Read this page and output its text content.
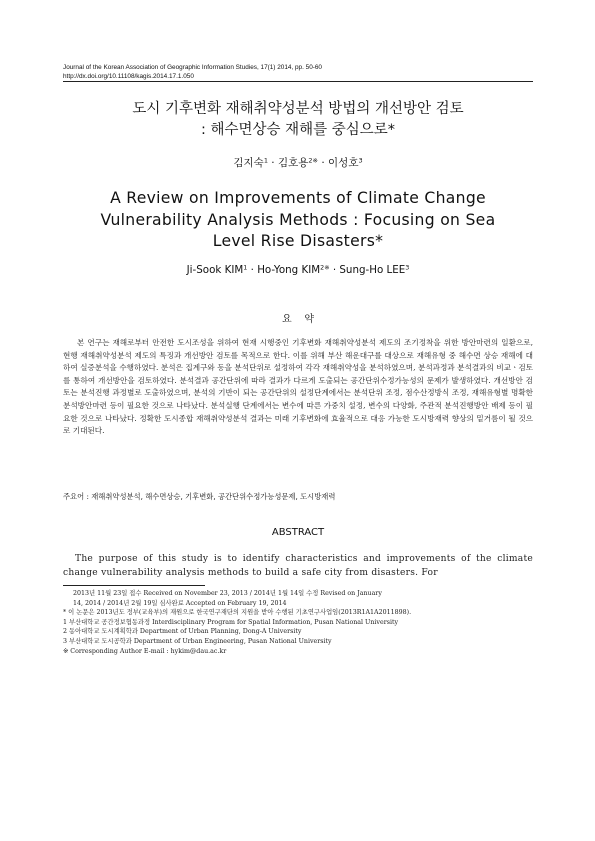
Journal of the Korean Association of Geographic Information Studies, 17(1) 2014, pp. 50-60
http://dx.doi.org/10.11108/kagis.2014.17.1.050
도시 기후변화 재해취약성분석 방법의 개선방안 검토
: 해수면상승 재해를 중심으로*
김지숙$^1$ · 김호용$^{2※}$ · 이성호$^3$
A Review on Improvements of Climate Change
Vulnerability Analysis Methods : Focusing on Sea
Level Rise Disasters*
Ji-Sook $KIM^1$ · Ho-Yong $KIM^{2※}$ · Sung-Ho LEE$^3$
요    약

본 연구는 재해로부터 안전한 도시조성을 위하여 현재 시행중인 기후변화 재해취약성분석 제도의 조기정착을 위한 방안마련의 일환으로, 현행 재해취약성분석 제도의 특징과 개선방안 검토를 목적으로 한다. 이를 위해 부산 해운대구를 대상으로 재해유형 중 해수면 상승 재해에 대하여 실증분석을 수행하였다. 분석은 집계구와 동을 분석단위로 설정하여 각각 재해취약성을 분석하였으며, 분석과정과 분석결과의 비교ㆍ검토를 통하여 개선방안을 검토하였다. 분석결과 공간단위에 따라 결과가 다르게 도출되는 공간단위수정가능성의 문제가 발생하였다. 개선방안 검토는 분석진행 과정별로 도출하였으며, 분석의 기반이 되는 공간단위의 설정단계에서는 분석단위 조정, 점수산정방식 조정, 재해유형별 명확한 분석방안마련 등이 필요한 것으로 나타났다. 분석실행 단계에서는 변수에 따른 가중치 설정, 변수의 다양화, 주관적 분석진행방안 배제 등이 필요한 것으로 나타났다. 정확한 도시종합 재해취약성분석 결과는 미래 기후변화에 효율적으로 대응 가능한 도시방재력 향상의 밑거름이 될 것으로 기대된다.

주요어 : 재해취약성분석, 해수면상승, 기후변화, 공간단위수정가능성문제, 도시방재력
ABSTRACT

The purpose of this study is to identify characteristics and improvements of the climate change vulnerability analysis methods to build a safe city from disasters. For

2013년 11월 23일 접수 Received on November 23, 2013 / 2014년 1월 14일 수정 Revised on January
14, 2014 / 2014년 2월 19일 심사완료 Accepted on February 19, 2014
* 이 논문은 2013년도 정부(교육부)의 재원으로 한국연구재단의 지원을 받아 수행된 기초연구사업임(2013R1A1A2011898).
1 부산대학교 공간정보협동과정 Interdisciplinary Program for Spatial Information, Pusan National University
2 동아대학교 도시계획학과 Department of Urban Planning, Dong-A University
3 부산대학교 도시공학과 Department of Urban Engineering, Pusan National University
※ Corresponding Author E-mail : hykim@dau.ac.kr
